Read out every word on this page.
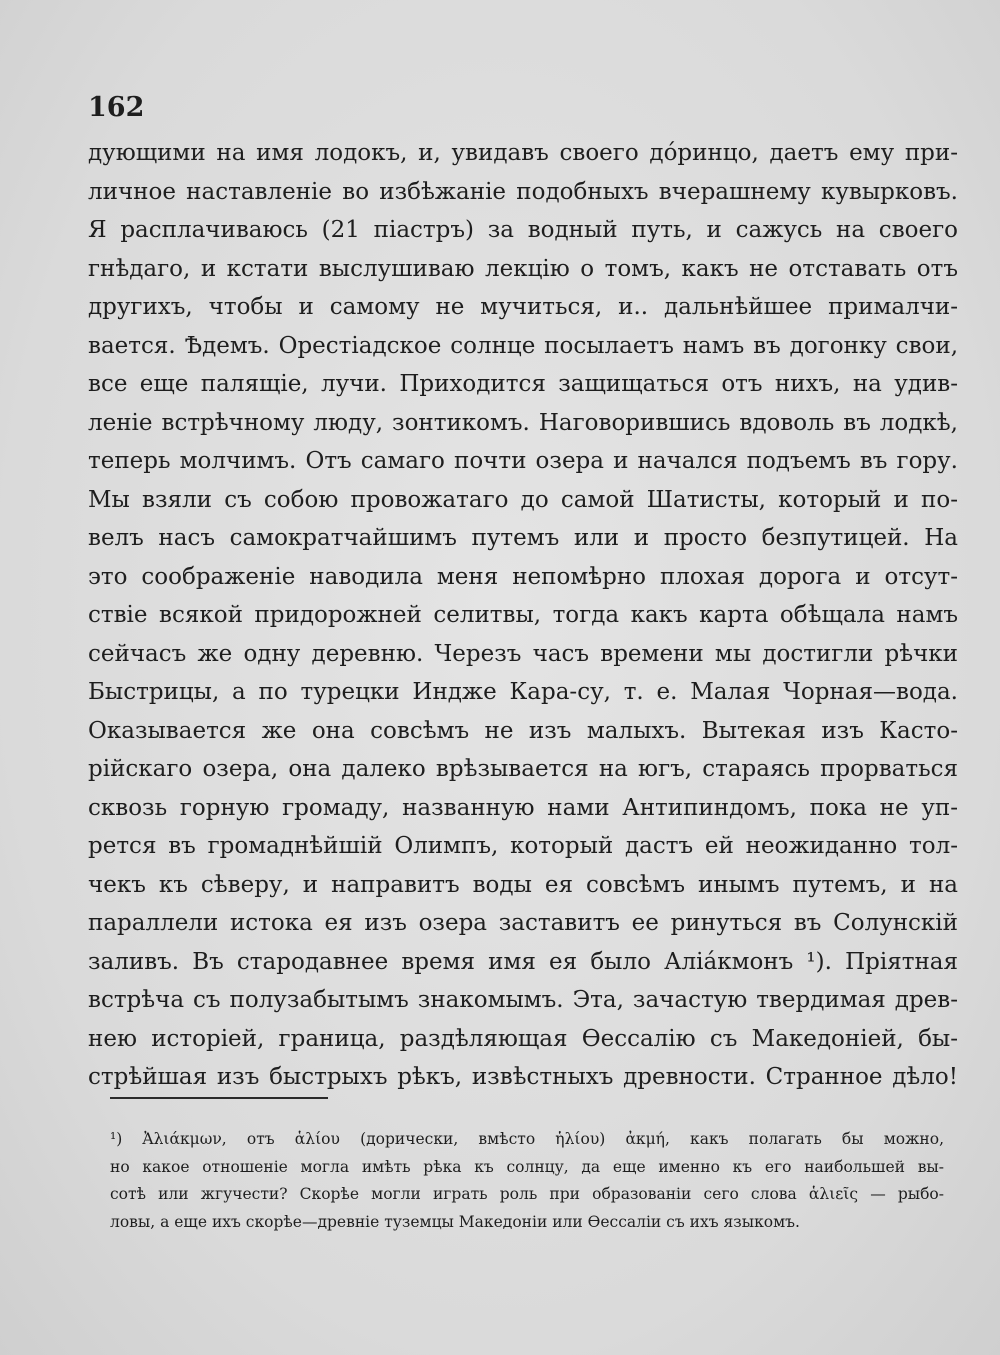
162
дующими на имя лодокъ, и, увидавъ своего дóринцо, даетъ ему при-
личное наставленіе во избѣжаніе подобныхъ вчерашнему кувырковъ.
Я расплачиваюсь (21 піастръ) за водный путь, и сажусь на своего
гнѣдаго, и кстати выслушиваю лекцію о томъ, какъ не отставать отъ
другихъ, чтобы и самому не мучиться, и.. дальнѣйшее прималчи-
вается. Ѣдемъ. Орестіадское солнце посылаетъ намъ въ догонку свои,
все еще палящіе, лучи. Приходится защищаться отъ нихъ, на удив-
леніе встрѣчному люду, зонтикомъ. Наговорившись вдоволь въ лодкѣ,
теперь молчимъ. Отъ самаго почти озера и начался подъемъ въ гору.
Мы взяли съ собою провожатаго до самой Шатисты, который и по-
велъ насъ самократчайшимъ путемъ или и просто безпутицей. На
это соображеніе наводила меня непомѣрно плохая дорога и отсут-
ствіе всякой придорожней селитвы, тогда какъ карта обѣщала намъ
сейчасъ же одну деревню. Черезъ часъ времени мы достигли рѣчки
Быстрицы, а по турецки Индже Кара-су, т. е. Малая Чорная—вода.
Оказывается же она совсѣмъ не изъ малыхъ. Вытекая изъ Касто-
рійскаго озера, она далеко врѣзывается на югъ, стараясь прорваться
сквозь горную громаду, названную нами Антипиндомъ, пока не уп-
рется въ громаднѣйшій Олимпъ, который дастъ ей неожиданно тол-
чекъ къ сѣверу, и направитъ воды ея совсѣмъ инымъ путемъ, и на
параллели истока ея изъ озера заставитъ ее ринуться въ Солунскій
заливъ. Въ стародавнее время имя ея было Алiáкмонъ ¹). Пріятная
встрѣча съ полузабытымъ знакомымъ. Эта, зачастую твердимая древ-
нею исторіей, граница, раздѣляющая Ѳессалію съ Македоніей, бы-
стрѣйшая изъ быстрыхъ рѣкъ, извѣстныхъ древности. Странное дѣло!
¹) Ἀλιάκμων, отъ ἁλίου (дорически, вмѣсто ἡλίου) ἀκμή, какъ полагать бы можно,
но какое отношеніе могла имѣть рѣка къ солнцу, да еще именно къ его наибольшей вы-
сотѣ или жгучести? Скорѣе могли играть роль при образованіи сего слова ἁλιεῖς — рыбо-
ловы, а еще ихъ скорѣе—древніе туземцы Македоніи или Ѳессаліи съ ихъ языкомъ.
